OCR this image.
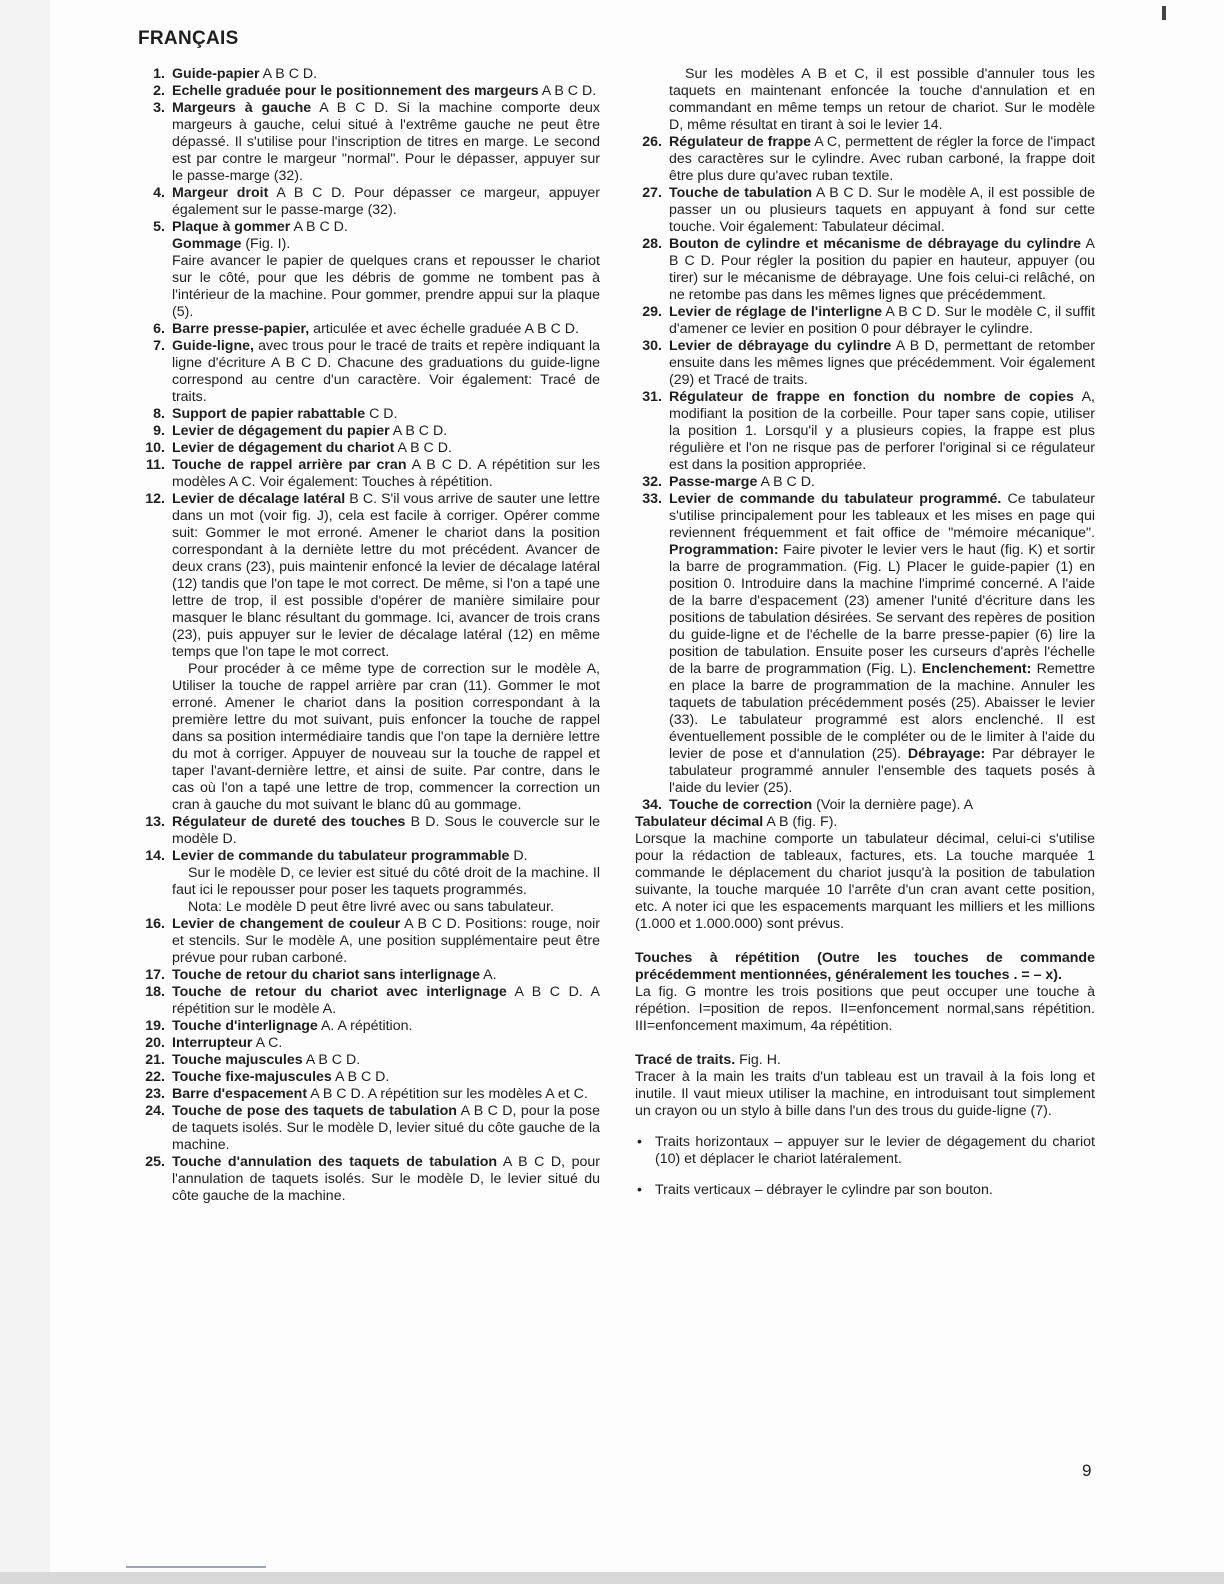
FRANÇAIS
1. Guide-papier A B C D.

2. Echelle graduée pour le positionnement des margeurs A B C D.

3. Margeurs à gauche A B C D. Si la machine comporte deux margeurs à gauche, celui situé à l'extrême gauche ne peut être dépassé. Il s'utilise pour l'inscription de titres en marge. Le second est par contre le margeur "normal". Pour le dépasser, appuyer sur le passe-marge (32).

4. Margeur droit A B C D. Pour dépasser ce margeur, appuyer également sur le passe-marge (32).

5. Plaque à gommer A B C D.

Gommage (Fig. I).

Faire avancer le papier de quelques crans et repousser le chariot sur le côté, pour que les débris de gomme ne tombent pas à l'intérieur de la machine. Pour gommer, prendre appui sur la plaque (5).

6. Barre presse-papier, articulée et avec échelle graduée A B C D.

7. Guide-ligne, avec trous pour le tracé de traits et repère indiquant la ligne d'écriture A B C D. Chacune des graduations du guide-ligne correspond au centre d'un caractère. Voir également: Tracé de traits.

8. Support de papier rabattable C D.

9. Levier de dégagement du papier A B C D.

10. Levier de dégagement du chariot A B C D.

11. Touche de rappel arrière par cran A B C D. A répétition sur les modèles A C. Voir également: Touches à répétition.

12. Levier de décalage latéral B C. S'il vous arrive de sauter une lettre dans un mot (voir fig. J), cela est facile à corriger. Opérer comme suit: Gommer le mot erroné. Amener le chariot dans la position correspondant à la derniète lettre du mot précédent. Avancer de deux crans (23), puis maintenir enfoncé la levier de décalage latéral (12) tandis que l'on tape le mot correct. De même, si l'on a tapé une lettre de trop, il est possible d'opérer de manière similaire pour masquer le blanc résultant du gommage. Ici, avancer de trois crans (23), puis appuyer sur le levier de décalage latéral (12) en même temps que l'on tape le mot correct.

Pour procéder à ce même type de correction sur le modèle A, Utiliser la touche de rappel arrière par cran (11). Gommer le mot erroné. Amener le chariot dans la position correspondant à la première lettre du mot suivant, puis enfoncer la touche de rappel dans sa position intermédiaire tandis que l'on tape la dernière lettre du mot à corriger. Appuyer de nouveau sur la touche de rappel et taper l'avant-dernière lettre, et ainsi de suite. Par contre, dans le cas où l'on a tapé une lettre de trop, commencer la correction un cran à gauche du mot suivant le blanc dû au gommage.

13. Régulateur de dureté des touches B D. Sous le couvercle sur le modèle D.

14. Levier de commande du tabulateur programmable D.

Sur le modèle D, ce levier est situé du côté droit de la machine. Il faut ici le repousser pour poser les taquets programmés.

Nota: Le modèle D peut être livré avec ou sans tabulateur.

16. Levier de changement de couleur A B C D. Positions: rouge, noir et stencils. Sur le modèle A, une position supplémentaire peut être prévue pour ruban carboné.

17. Touche de retour du chariot sans interlignage A.

18. Touche de retour du chariot avec interlignage A B C D. A répétition sur le modèle A.

19. Touche d'interlignage A. A répétition.

20. Interrupteur A C.

21. Touche majuscules A B C D.

22. Touche fixe-majuscules A B C D.

23. Barre d'espacement A B C D. A répétition sur les modèles A et C.

24. Touche de pose des taquets de tabulation A B C D, pour la pose de taquets isolés. Sur le modèle D, levier situé du côte gauche de la machine.

25. Touche d'annulation des taquets de tabulation A B C D, pour l'annulation de taquets isolés. Sur le modèle D, le levier situé du côte gauche de la machine.

Sur les modèles A B et C, il est possible d'annuler tous les taquets en maintenant enfoncée la touche d'annulation et en commandant en même temps un retour de chariot. Sur le modèle D, même résultat en tirant à soi le levier 14.

26. Régulateur de frappe A C, permettent de régler la force de l'impact des caractères sur le cylindre. Avec ruban carboné, la frappe doit être plus dure qu'avec ruban textile.

27. Touche de tabulation A B C D. Sur le modèle A, il est possible de passer un ou plusieurs taquets en appuyant à fond sur cette touche. Voir également: Tabulateur décimal.

28. Bouton de cylindre et mécanisme de débrayage du cylindre A B C D. Pour régler la position du papier en hauteur, appuyer (ou tirer) sur le mécanisme de débrayage. Une fois celui-ci relâché, on ne retombe pas dans les mêmes lignes que précédemment.

29. Levier de réglage de l'interligne A B C D. Sur le modèle C, il suffit d'amener ce levier en position 0 pour débrayer le cylindre.

30. Levier de débrayage du cylindre A B D, permettant de retomber ensuite dans les mêmes lignes que précédemment. Voir également (29) et Tracé de traits.

31. Régulateur de frappe en fonction du nombre de copies A, modifiant la position de la corbeille. Pour taper sans copie, utiliser la position 1. Lorsqu'il y a plusieurs copies, la frappe est plus régulière et l'on ne risque pas de perforer l'original si ce régulateur est dans la position appropriée.

32. Passe-marge A B C D.

33. Levier de commande du tabulateur programmé. Ce tabulateur s'utilise principalement pour les tableaux et les mises en page qui reviennent fréquemment et fait office de "mémoire mécanique". Programmation: Faire pivoter le levier vers le haut (fig. K) et sortir la barre de programmation. (Fig. L) Placer le guide-papier (1) en position 0. Introduire dans la machine l'imprimé concerné. A l'aide de la barre d'espacement (23) amener l'unité d'écriture dans les positions de tabulation désirées. Se servant des repères de position du guide-ligne et de l'échelle de la barre presse-papier (6) lire la position de tabulation. Ensuite poser les curseurs d'après l'échelle de la barre de programmation (Fig. L). Enclenchement: Remettre en place la barre de programmation de la machine. Annuler les taquets de tabulation précédemment posés (25). Abaisser le levier (33). Le tabulateur programmé est alors enclenché. Il est éventuellement possible de le compléter ou de le limiter à l'aide du levier de pose et d'annulation (25). Débrayage: Par débrayer le tabulateur programmé annuler l'ensemble des taquets posés à l'aide du levier (25).

34. Touche de correction (Voir la dernière page). A

Tabulateur décimal A B (fig. F).

Lorsque la machine comporte un tabulateur décimal, celui-ci s'utilise pour la rédaction de tableaux, factures, ets. La touche marquée 1 commande le déplacement du chariot jusqu'à la position de tabulation suivante, la touche marquée 10 l'arrête d'un cran avant cette position, etc. A noter ici que les espacements marquant les milliers et les millions (1.000 et 1.000.000) sont prévus.

Touches à répétition (Outre les touches de commande précédemment mentionnées, généralement les touches . = – x).

La fig. G montre les trois positions que peut occuper une touche à répétion. I=position de repos. II=enfoncement normal,sans répétition. III=enfoncement maximum, 4a répétition.

Tracé de traits. Fig. H.

Tracer à la main les traits d'un tableau est un travail à la fois long et inutile. Il vaut mieux utiliser la machine, en introduisant tout simplement un crayon ou un stylo à bille dans l'un des trous du guide-ligne (7).

• Traits horizontaux – appuyer sur le levier de dégagement du chariot (10) et déplacer le chariot latéralement.

• Traits verticaux – débrayer le cylindre par son bouton.

9
